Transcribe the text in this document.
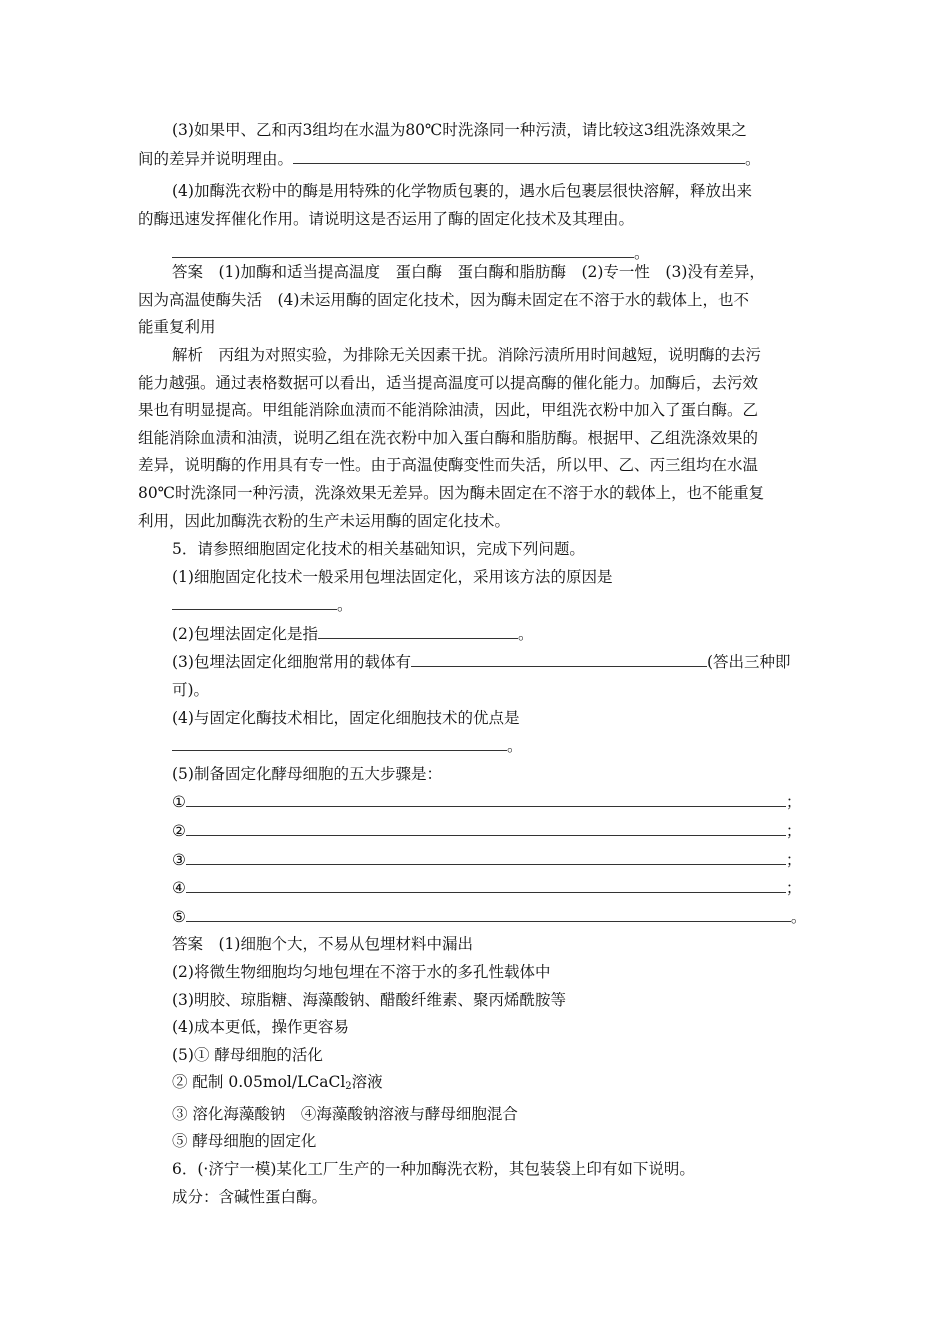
(3)如果甲、乙和丙3组均在水温为80℃时洗涤同一种污渍，请比较这3组洗涤效果之
间的差异并说明理由。	。
(4)加酶洗衣粉中的酶是用特殊的化学物质包裹的，遇水后包裹层很快溶解，释放出来
的酶迅速发挥催化作用。请说明这是否运用了酶的固定化技术及其理由。
。
答案　(1)加酶和适当提高温度　蛋白酶　蛋白酶和脂肪酶　(2)专一性　(3)没有差异，
因为高温使酶失活　(4)未运用酶的固定化技术，因为酶未固定在不溶于水的载体上，也不
能重复利用
解析　丙组为对照实验，为排除无关因素干扰。消除污渍所用时间越短，说明酶的去污
能力越强。通过表格数据可以看出，适当提高温度可以提高酶的催化能力。加酶后，去污效
果也有明显提高。甲组能消除血渍而不能消除油渍，因此，甲组洗衣粉中加入了蛋白酶。乙
组能消除血渍和油渍，说明乙组在洗衣粉中加入蛋白酶和脂肪酶。根据甲、乙组洗涤效果的
差异，说明酶的作用具有专一性。由于高温使酶变性而失活，所以甲、乙、丙三组均在水温
80℃时洗涤同一种污渍，洗涤效果无差异。因为酶未固定在不溶于水的载体上，也不能重复
利用，因此加酶洗衣粉的生产未运用酶的固定化技术。
5．请参照细胞固定化技术的相关基础知识，完成下列问题。
(1)细胞固定化技术一般采用包埋法固定化，采用该方法的原因是
。
(2)包埋法固定化是指	。
(3)包埋法固定化细胞常用的载体有	(答出三种即
可)。
(4)与固定化酶技术相比，固定化细胞技术的优点是
。
(5)制备固定化酵母细胞的五大步骤是：
①	；
②	；
③	；
④	；
⑤	。
答案　(1)细胞个大，不易从包埋材料中漏出
(2)将微生物细胞均匀地包埋在不溶于水的多孔性载体中
(3)明胶、琼脂糖、海藻酸钠、醋酸纤维素、聚丙烯酰胺等
(4)成本更低，操作更容易
(5)① 酵母细胞的活化
② 配制 0.05mol/LCaCl$_2$溶液
③ 溶化海藻酸钠　④海藻酸钠溶液与酵母细胞混合
⑤ 酵母细胞的固定化
6．(·济宁一模)某化工厂生产的一种加酶洗衣粉，其包装袋上印有如下说明。
成分：含碱性蛋白酶。
